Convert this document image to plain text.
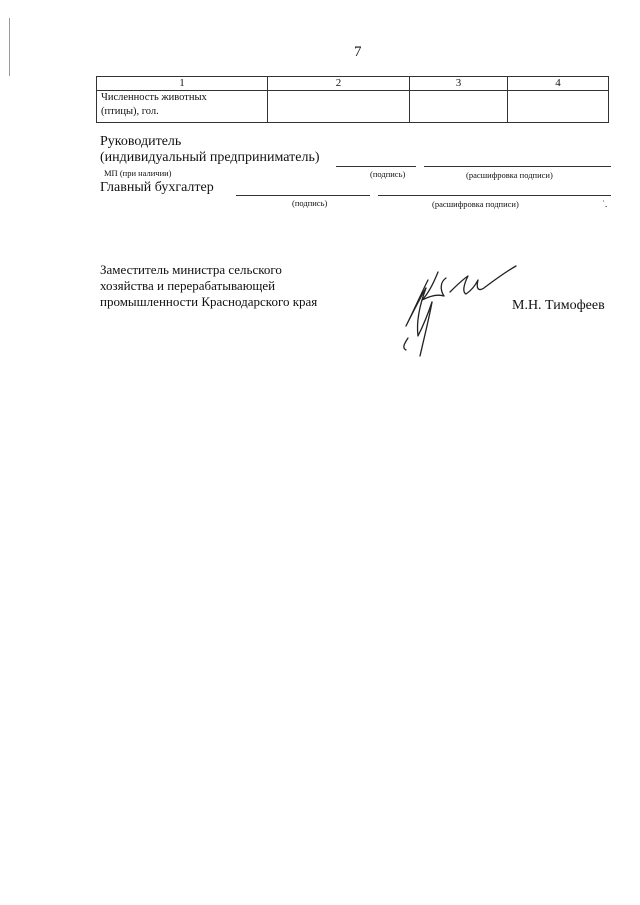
7
1	2	3	4

Численность животных
(птицы), гол.			

Руководитель
(индивидуальный предприниматель)
МП (при наличии)	(подпись)	(расшифровка подписи)
Главный бухгалтер
(подпись)	(расшифровка подписи)	˙.
Заместитель министра сельского
хозяйства и перерабатывающей
промышленности Краснодарского края	М.Н. Тимофеев
